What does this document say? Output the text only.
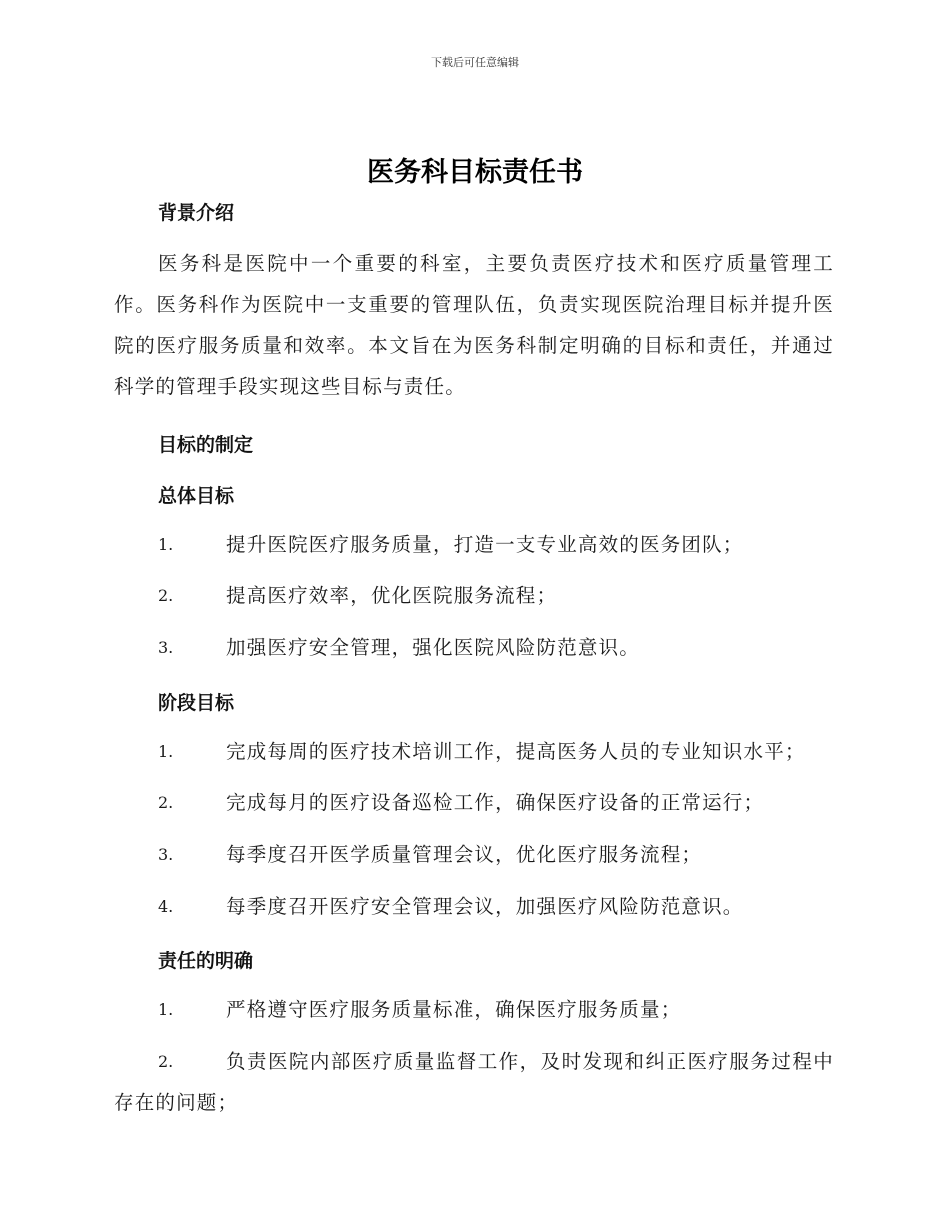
下载后可任意编辑
医务科目标责任书
背景介绍
医务科是医院中一个重要的科室，主要负责医疗技术和医疗质量管理工作。医务科作为医院中一支重要的管理队伍，负责实现医院治理目标并提升医院的医疗服务质量和效率。本文旨在为医务科制定明确的目标和责任，并通过科学的管理手段实现这些目标与责任。
目标的制定
总体目标
1.	提升医院医疗服务质量，打造一支专业高效的医务团队；
2.	提高医疗效率，优化医院服务流程；
3.	加强医疗安全管理，强化医院风险防范意识。
阶段目标
1.	完成每周的医疗技术培训工作，提高医务人员的专业知识水平；
2.	完成每月的医疗设备巡检工作，确保医疗设备的正常运行；
3.	每季度召开医学质量管理会议，优化医疗服务流程；
4.	每季度召开医疗安全管理会议，加强医疗风险防范意识。
责任的明确
1.	严格遵守医疗服务质量标准，确保医疗服务质量；
2.	负责医院内部医疗质量监督工作，及时发现和纠正医疗服务过程中存在的问题；
